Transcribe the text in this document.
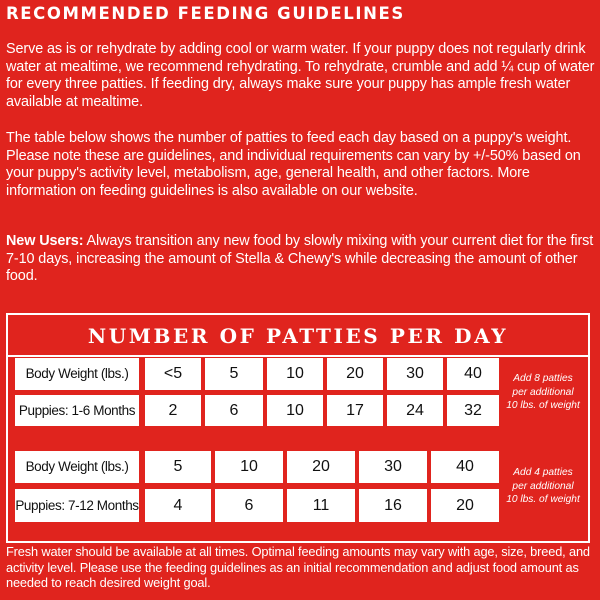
RECOMMENDED FEEDING GUIDELINES
Serve as is or rehydrate by adding cool or warm water. If your puppy does not regularly drink water at mealtime, we recommend rehydrating. To rehydrate, crumble and add ¼ cup of water for every three patties. If feeding dry, always make sure your puppy has ample fresh water available at mealtime.
The table below shows the number of patties to feed each day based on a puppy's weight. Please note these are guidelines, and individual requirements can vary by +/-50% based on your puppy's activity level, metabolism, age, general health, and other factors. More information on feeding guidelines is also available on our website.
New Users: Always transition any new food by slowly mixing with your current diet for the first 7-10 days, increasing the amount of Stella & Chewy's while decreasing the amount of other food.
NUMBER OF PATTIES PER DAY
Body Weight (lbs.)	<5	5	10	20	30	40
Puppies: 1-6 Months	2	6	10	17	24	32
Add 8 patties
per additional
10 lbs. of weight
Body Weight (lbs.)	5	10	20	30	40
Puppies: 7-12 Months	4	6	11	16	20
Add 4 patties
per additional
10 lbs. of weight
Fresh water should be available at all times. Optimal feeding amounts may vary with age, size, breed, and activity level. Please use the feeding guidelines as an initial recommendation and adjust food amount as needed to reach desired weight goal.
